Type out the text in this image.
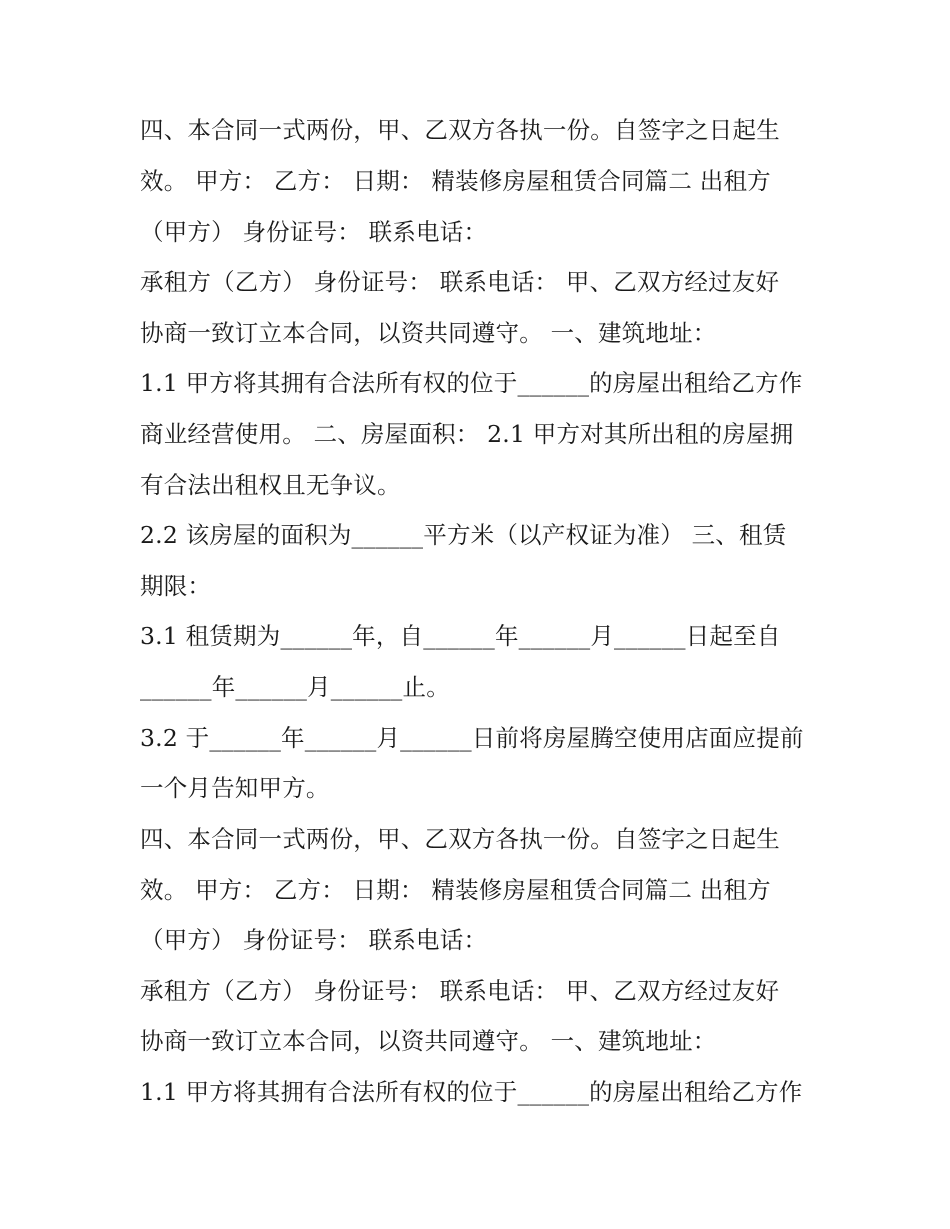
四、本合同一式两份，甲、乙双方各执一份。自签字之日起生
效。 甲方： 乙方： 日期： 精装修房屋租赁合同篇二 出租方
（甲方） 身份证号： 联系电话：
承租方（乙方） 身份证号： 联系电话： 甲、乙双方经过友好
协商一致订立本合同，以资共同遵守。 一、建筑地址：
1.1 甲方将其拥有合法所有权的位于______的房屋出租给乙方作
商业经营使用。 二、房屋面积： 2.1 甲方对其所出租的房屋拥
有合法出租权且无争议。
2.2 该房屋的面积为______平方米（以产权证为准） 三、租赁
期限：
3.1 租赁期为______年，自______年______月______日起至自
______年______月______止。
3.2 于______年______月______日前将房屋腾空使用店面应提前
一个月告知甲方。
四、本合同一式两份，甲、乙双方各执一份。自签字之日起生
效。 甲方： 乙方： 日期： 精装修房屋租赁合同篇二 出租方
（甲方） 身份证号： 联系电话：
承租方（乙方） 身份证号： 联系电话： 甲、乙双方经过友好
协商一致订立本合同，以资共同遵守。 一、建筑地址：
1.1 甲方将其拥有合法所有权的位于______的房屋出租给乙方作
